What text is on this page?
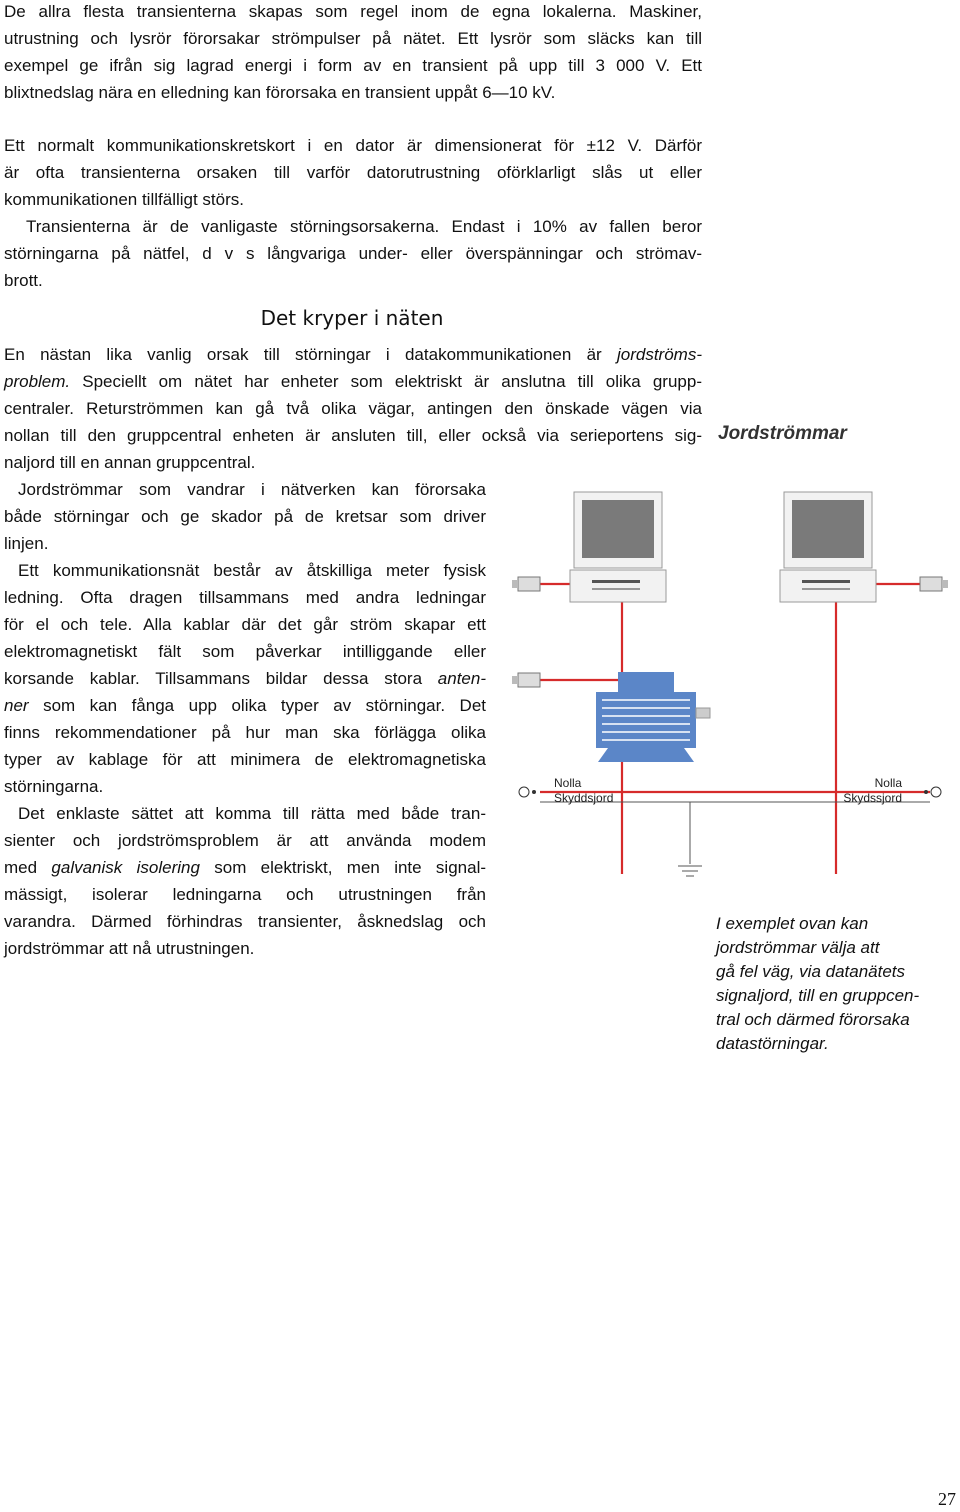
De allra flesta transienterna skapas som regel inom de egna lokalerna. Maskiner,
utrustning och lysrör förorsakar strömpulser på nätet. Ett lysrör som släcks kan till
exempel ge ifrån sig lagrad energi i form av en transient på upp till 3 000 V. Ett
blixtnedslag nära en elledning kan förorsaka en transient uppåt 6—10 kV.
Ett normalt kommunikationskretskort i en dator är dimensionerat för ±12 V. Därför
är ofta transienterna orsaken till varför datorutrustning oförklarligt slås ut eller
kommunikationen tillfälligt störs.
Transienterna är de vanligaste störningsorsakerna. Endast i 10% av fallen beror
störningarna på nätfel, d v s långvariga under- eller överspänningar och strömav-
brott.
Det kryper i näten
En nästan lika vanlig orsak till störningar i datakommunikationen är jordströms-
problem. Speciellt om nätet har enheter som elektriskt är anslutna till olika grupp-
centraler. Returströmmen kan gå två olika vägar, antingen den önskade vägen via
nollan till den gruppcentral enheten är ansluten till, eller också via serieportens sig-
naljord till en annan gruppcentral.
Jordströmmar
Jordströmmar som vandrar i nätverken kan förorsaka
både störningar och ge skador på de kretsar som driver
linjen.
Ett kommunikationsnät består av åtskilliga meter fysisk
ledning. Ofta dragen tillsammans med andra ledningar
för el och tele. Alla kablar där det går ström skapar ett
elektromagnetiskt fält som påverkar intilliggande eller
korsande kablar. Tillsammans bildar dessa stora anten-
ner som kan fånga upp olika typer av störningar. Det
finns rekommendationer på hur man ska förlägga olika
typer av kablage för att minimera de elektromagnetiska
störningarna.
Det enklaste sättet att komma till rätta med både tran-
sienter och jordströmsproblem är att använda modem
med galvanisk isolering som elektriskt, men inte signal-
mässigt, isolerar ledningarna och utrustningen från
varandra. Därmed förhindras transienter, åsknedslag och
jordströmmar att nå utrustningen.
Nolla
Skyddsjord
Nolla
Skydssjord
I exemplet ovan kan
jordströmmar välja att
gå fel väg, via datanätets
signaljord, till en gruppcen-
tral och därmed förorsaka
datastörningar.
27
